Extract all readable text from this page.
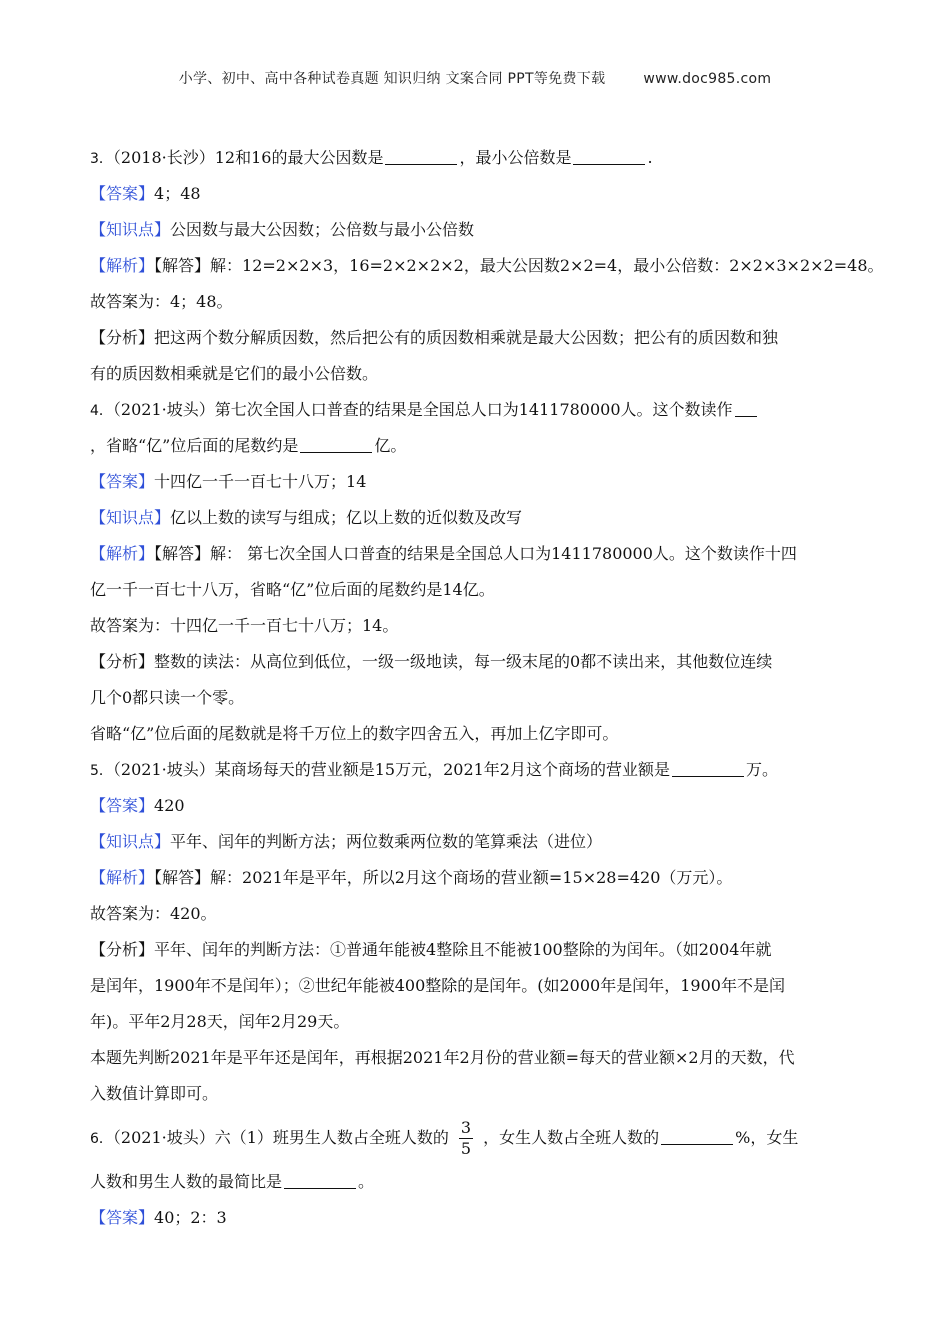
小学、初中、高中各种试卷真题 知识归纳 文案合同 PPT等免费下载	www.doc985.com
3．（2018·长沙）12和16的最大公因数是	，最小公倍数是	.
【答案】4；48
【知识点】公因数与最大公因数；公倍数与最小公倍数
【解析】【解答】解：12=2×2×3，16=2×2×2×2，最大公因数2×2=4，最小公倍数：2×2×3×2×2=48。
故答案为：4；48。
【分析】把这两个数分解质因数，然后把公有的质因数相乘就是最大公因数；把公有的质因数和独
有的质因数相乘就是它们的最小公倍数。
4．（2021·坡头）第七次全国人口普查的结果是全国总人口为1411780000人。这个数读作
，省略“亿”位后面的尾数约是	亿。
【答案】十四亿一千一百七十八万；14
【知识点】亿以上数的读写与组成；亿以上数的近似数及改写
【解析】【解答】解： 第七次全国人口普查的结果是全国总人口为1411780000人。这个数读作十四
亿一千一百七十八万，省略“亿”位后面的尾数约是14亿。
故答案为：十四亿一千一百七十八万；14。
【分析】整数的读法：从高位到低位，一级一级地读，每一级末尾的0都不读出来，其他数位连续
几个0都只读一个零。
省略“亿”位后面的尾数就是将千万位上的数字四舍五入，再加上亿字即可。
5．（2021·坡头）某商场每天的营业额是15万元，2021年2月这个商场的营业额是	万。
【答案】420
【知识点】平年、闰年的判断方法；两位数乘两位数的笔算乘法（进位）
【解析】【解答】解：2021年是平年，所以2月这个商场的营业额=15×28=420（万元）。
故答案为：420。
【分析】平年、闰年的判断方法：①普通年能被4整除且不能被100整除的为闰年。（如2004年就
是闰年，1900年不是闰年）；②世纪年能被400整除的是闰年。(如2000年是闰年，1900年不是闰
年)。平年2月28天，闰年2月29天。
本题先判断2021年是平年还是闰年，再根据2021年2月份的营业额=每天的营业额×2月的天数，代
入数值计算即可。
6．（2021·坡头）六（1）班男生人数占全班人数的 $\frac{3}{5}$ ，女生人数占全班人数的	%，女生
人数和男生人数的最简比是	。
【答案】40；2：3
